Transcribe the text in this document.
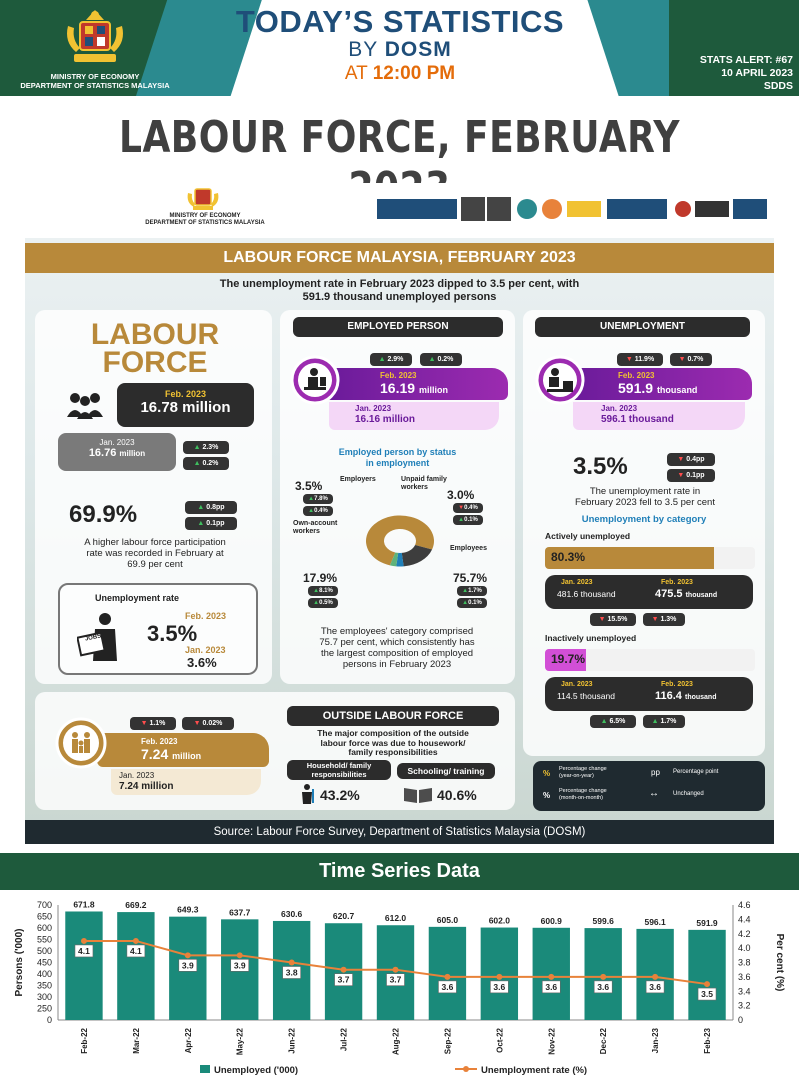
MINISTRY OF ECONOMY
DEPARTMENT OF STATISTICS MALAYSIA
TODAY’S STATISTICS
BY DOSM
AT 12:00 PM
STATS ALERT: #67
10 APRIL 2023
SDDS
LABOUR FORCE, FEBRUARY
MINISTRY OF ECONOMY
DEPARTMENT OF STATISTICS MALAYSIA
LABOUR FORCE MALAYSIA, FEBRUARY 2023
The unemployment rate in February 2023 dipped to 3.5 per cent, with
591.9 thousand unemployed persons
LABOUR
FORCE
Feb. 2023
16.78 million
Jan. 2023
16.76 million
▲ 2.3%
▲ 0.2%
69.9%	▲ 0.8pp
▲ 0.1pp
A higher labour force participation
rate was recorded in February at
69.9 per cent
Unemployment rate
JOBS
Feb. 2023
3.5%
Jan. 2023
3.6%
EMPLOYED PERSON
▲ 2.9%	▲ 0.2%
Feb. 2023
16.19 million
Jan. 2023
16.16 million
Employed person by status
in employment
3.5%	Employers
▲7.8%
▲0.4%
Unpaid family
workers
3.0%
▼0.4%
▲0.1%
Own-account
workers
Employees
17.9%
▲8.1%
▲0.5%
75.7%
▲1.7%
▲0.1%
The employees' category comprised
75.7 per cent, which consistently has
the largest composition of employed
persons in February 2023
UNEMPLOYMENT
▼ 11.9%	▼ 0.7%
Feb. 2023
591.9 thousand
Jan. 2023
596.1 thousand
3.5%	▼ 0.4pp
▼ 0.1pp
The unemployment rate in
February 2023 fell to 3.5 per cent
Unemployment by category
Actively unemployed
80.3%
Jan. 2023
481.6 thousand
Feb. 2023
475.5 thousand
▼ 15.5%	▼ 1.3%
Inactively unemployed
19.7%
Jan. 2023
114.5 thousand
Feb. 2023
116.4 thousand
▲ 6.5%	▲ 1.7%
▼ 1.1%	▼ 0.02%
Feb. 2023
7.24 million
Jan. 2023
7.24 million
OUTSIDE LABOUR FORCE
The major composition of the outside
labour force was due to housework/
family responsibilities
Household/ family
responsibilities	Schooling/ training
43.2%	40.6%
% Percentage change
(year-on-year)
% Percentage change
(month-on-month)
pp Percentage point
↔ Unchanged
Source: Labour Force Survey, Department of Statistics Malaysia (DOSM)
Time Series Data
0
250
300
350
400
450
500
550
600
650
700
0
3.2
3.4
3.6
3.8
4.0
4.2
4.4
4.6
Persons ('000)	Per cent (%)
671.8
Feb-22
669.2
Mar-22
649.3
Apr-22
637.7
May-22
630.6
Jun-22
620.7
Jul-22
612.0
Aug-22
605.0
Sep-22
602.0
Oct-22
600.9
Nov-22
599.6
Dec-22
596.1
Jan-23
591.9
Feb-23
4.1	4.1
3.9	3.9
3.8
3.7	3.7
3.6	3.6	3.6	3.6	3.6
3.5
Unemployed ('000)	Unemployment rate (%)
